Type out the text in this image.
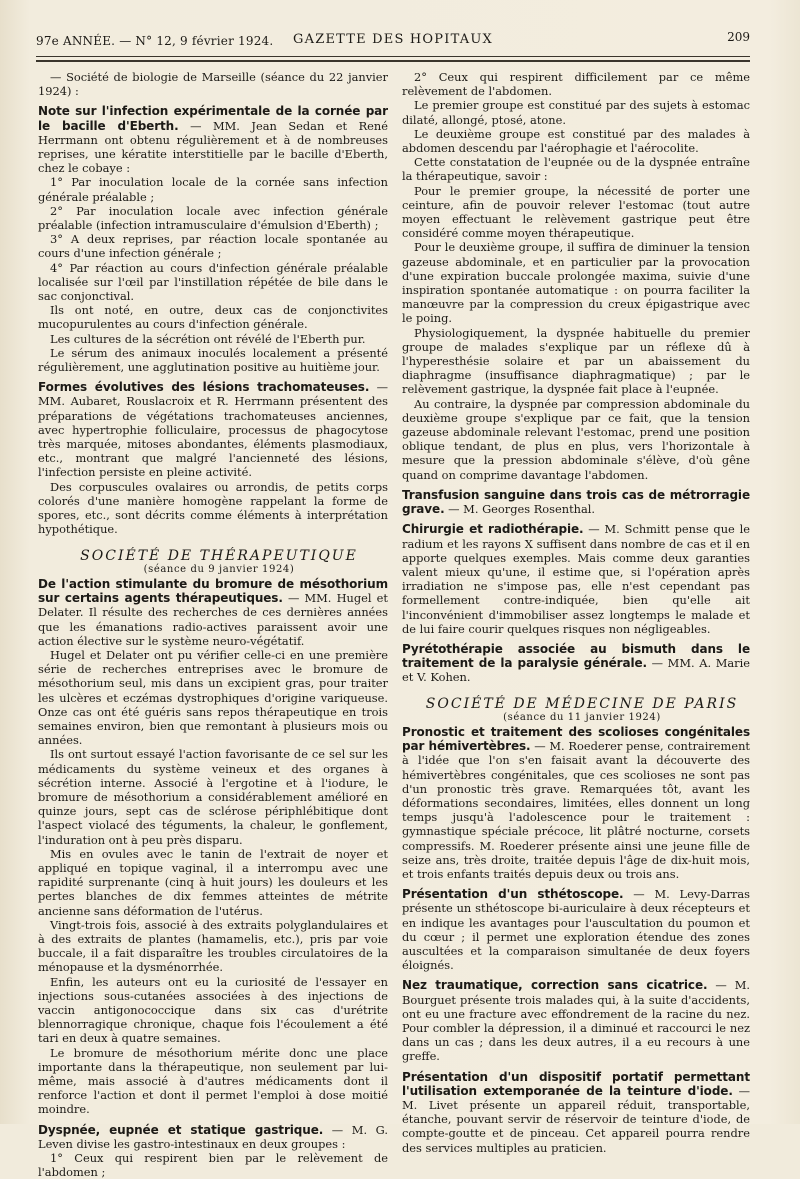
97e ANNÉE. — N° 12, 9 février 1924.	GAZETTE DES HOPITAUX	209

— Société de biologie de Marseille (séance du 22 janvier 1924) :

Note sur l'infection expérimentale de la cornée par le bacille d'Eberth. — MM. Jean Sedan et René Herrmann ont obtenu régulièrement et à de nombreuses reprises, une kératite interstitielle par le bacille d'Eberth, chez le cobaye :

1° Par inoculation locale de la cornée sans infection générale préalable ;

2° Par inoculation locale avec infection générale préalable (infection intramusculaire d'émulsion d'Eberth) ;

3° A deux reprises, par réaction locale spontanée au cours d'une infection générale ;

4° Par réaction au cours d'infection générale préalable localisée sur l'œil par l'instillation répétée de bile dans le sac conjonctival.

Ils ont noté, en outre, deux cas de conjonctivites mucopurulentes au cours d'infection générale.

Les cultures de la sécrétion ont révélé de l'Eberth pur.

Le sérum des animaux inoculés localement a présenté régulièrement, une agglutination positive au huitième jour.

Formes évolutives des lésions trachomateuses. — MM. Aubaret, Rouslacroix et R. Herrmann présentent des préparations de végétations trachomateuses anciennes, avec hypertrophie folliculaire, processus de phagocytose très marquée, mitoses abondantes, éléments plasmodiaux, etc., montrant que malgré l'ancienneté des lésions, l'infection persiste en pleine activité.

Des corpuscules ovalaires ou arrondis, de petits corps colorés d'une manière homogène rappelant la forme de spores, etc., sont décrits comme éléments à interprétation hypothétique.

SOCIÉTÉ DE THÉRAPEUTIQUE

(séance du 9 janvier 1924)

De l'action stimulante du bromure de mésothorium sur certains agents thérapeutiques. — MM. Hugel et Delater. Il résulte des recherches de ces dernières années que les émanations radio-actives paraissent avoir une action élective sur le système neuro-végétatif.

Hugel et Delater ont pu vérifier celle-ci en une première série de recherches entreprises avec le bromure de mésothorium seul, mis dans un excipient gras, pour traiter les ulcères et eczémas dystrophiques d'origine variqueuse. Onze cas ont été guéris sans repos thérapeutique en trois semaines environ, bien que remontant à plusieurs mois ou années.

Ils ont surtout essayé l'action favorisante de ce sel sur les médicaments du système veineux et des organes à sécrétion interne. Associé à l'ergotine et à l'iodure, le bromure de mésothorium a considérablement amélioré en quinze jours, sept cas de sclérose périphlébitique dont l'aspect violacé des téguments, la chaleur, le gonflement, l'induration ont à peu près disparu.

Mis en ovules avec le tanin de l'extrait de noyer et appliqué en topique vaginal, il a interrompu avec une rapidité surprenante (cinq à huit jours) les douleurs et les pertes blanches de dix femmes atteintes de métrite ancienne sans déformation de l'utérus.

Vingt-trois fois, associé à des extraits polyglandulaires et à des extraits de plantes (hamamelis, etc.), pris par voie buccale, il a fait disparaître les troubles circulatoires de la ménopause et la dysménorrhée.

Enfin, les auteurs ont eu la curiosité de l'essayer en injections sous-cutanées associées à des injections de vaccin antigonococcique dans six cas d'urétrite blennorragique chronique, chaque fois l'écoulement a été tari en deux à quatre semaines.

Le bromure de mésothorium mérite donc une place importante dans la thérapeutique, non seulement par lui-même, mais associé à d'autres médicaments dont il renforce l'action et dont il permet l'emploi à dose moitié moindre.

Dyspnée, eupnée et statique gastrique. — M. G. Leven divise les gastro-intestinaux en deux groupes :

1° Ceux qui respirent bien par le relèvement de l'abdomen ;

2° Ceux qui respirent difficilement par ce même relèvement de l'abdomen.

Le premier groupe est constitué par des sujets à estomac dilaté, allongé, ptosé, atone.

Le deuxième groupe est constitué par des malades à abdomen descendu par l'aérophagie et l'aérocolite.

Cette constatation de l'eupnée ou de la dyspnée entraîne la thérapeutique, savoir :

Pour le premier groupe, la nécessité de porter une ceinture, afin de pouvoir relever l'estomac (tout autre moyen effectuant le relèvement gastrique peut être considéré comme moyen thérapeutique.

Pour le deuxième groupe, il suffira de diminuer la tension gazeuse abdominale, et en particulier par la provocation d'une expiration buccale prolongée maxima, suivie d'une inspiration spontanée automatique : on pourra faciliter la manœuvre par la compression du creux épigastrique avec le poing.

Physiologiquement, la dyspnée habituelle du premier groupe de malades s'explique par un réflexe dû à l'hyperesthésie solaire et par un abaissement du diaphragme (insuffisance diaphragmatique) ; par le relèvement gastrique, la dyspnée fait place à l'eupnée.

Au contraire, la dyspnée par compression abdominale du deuxième groupe s'explique par ce fait, que la tension gazeuse abdominale relevant l'estomac, prend une position oblique tendant, de plus en plus, vers l'horizontale à mesure que la pression abdominale s'élève, d'où gêne quand on comprime davantage l'abdomen.

Transfusion sanguine dans trois cas de métrorragie grave. — M. Georges Rosenthal.

Chirurgie et radiothérapie. — M. Schmitt pense que le radium et les rayons X suffisent dans nombre de cas et il en apporte quelques exemples. Mais comme deux garanties valent mieux qu'une, il estime que, si l'opération après irradiation ne s'impose pas, elle n'est cependant pas formellement contre-indiquée, bien qu'elle ait l'inconvénient d'immobiliser assez longtemps le malade et de lui faire courir quelques risques non négligeables.

Pyrétothérapie associée au bismuth dans le traitement de la paralysie générale. — MM. A. Marie et V. Kohen.

SOCIÉTÉ DE MÉDECINE DE PARIS

(séance du 11 janvier 1924)

Pronostic et traitement des scolioses congénitales par hémivertèbres. — M. Roederer pense, contrairement à l'idée que l'on s'en faisait avant la découverte des hémivertèbres congénitales, que ces scolioses ne sont pas d'un pronostic très grave. Remarquées tôt, avant les déformations secondaires, limitées, elles donnent un long temps jusqu'à l'adolescence pour le traitement : gymnastique spéciale précoce, lit plâtré nocturne, corsets compressifs. M. Roederer présente ainsi une jeune fille de seize ans, très droite, traitée depuis l'âge de dix-huit mois, et trois enfants traités depuis deux ou trois ans.

Présentation d'un sthétoscope. — M. Levy-Darras présente un sthétoscope bi-auriculaire à deux récepteurs et en indique les avantages pour l'auscultation du poumon et du cœur ; il permet une exploration étendue des zones auscultées et la comparaison simultanée de deux foyers éloignés.

Nez traumatique, correction sans cicatrice. — M. Bourguet présente trois malades qui, à la suite d'accidents, ont eu une fracture avec effondrement de la racine du nez. Pour combler la dépression, il a diminué et raccourci le nez dans un cas ; dans les deux autres, il a eu recours à une greffe.

Présentation d'un dispositif portatif permettant l'utilisation extemporanée de la teinture d'iode. — M. Livet présente un appareil réduit, transportable, étanche, pouvant servir de réservoir de teinture d'iode, de compte-goutte et de pinceau. Cet appareil pourra rendre des services multiples au praticien.
